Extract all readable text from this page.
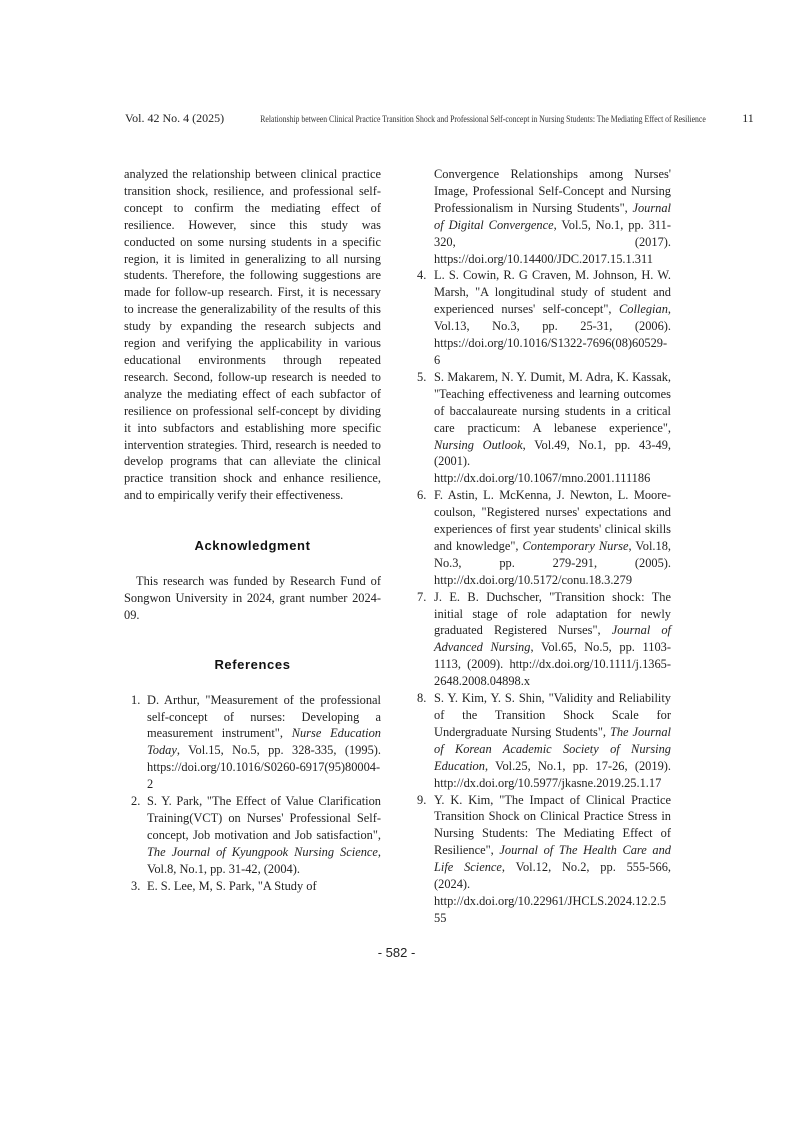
Vol. 42 No. 4 (2025)	Relationship between Clinical Practice Transition Shock and Professional Self-concept in Nursing Students: The Mediating Effect of Resilience	11

analyzed the relationship between clinical practice transition shock, resilience, and professional self-concept to confirm the mediating effect of resilience. However, since this study was conducted on some nursing students in a specific region, it is limited in generalizing to all nursing students. Therefore, the following suggestions are made for follow-up research. First, it is necessary to increase the generalizability of the results of this study by expanding the research subjects and region and verifying the applicability in various educational environments through repeated research. Second, follow-up research is needed to analyze the mediating effect of each subfactor of resilience on professional self-concept by dividing it into subfactors and establishing more specific intervention strategies. Third, research is needed to develop programs that can alleviate the clinical practice transition shock and enhance resilience, and to empirically verify their effectiveness.

Acknowledgment

This research was funded by Research Fund of Songwon University in 2024, grant number 2024-09.

References
1. D. Arthur, "Measurement of the professional self-concept of nurses: Developing a measurement instrument", Nurse Education Today, Vol.15, No.5, pp. 328-335, (1995). https://doi.org/10.1016/S0260-6917(95)80004-2
2. S. Y. Park, "The Effect of Value Clarification Training(VCT) on Nurses' Professional Self-concept, Job motivation and Job satisfaction", The Journal of Kyungpook Nursing Science, Vol.8, No.1, pp. 31-42, (2004).
3. E. S. Lee, M, S. Park, "A Study of
Convergence Relationships among Nurses' Image, Professional Self-Concept and Nursing Professionalism in Nursing Students", Journal of Digital Convergence, Vol.5, No.1, pp. 311-320, (2017). https://doi.org/10.14400/JDC.2017.15.1.311
4. L. S. Cowin, R. G Craven, M. Johnson, H. W. Marsh, "A longitudinal study of student and experienced nurses' self-concept", Collegian, Vol.13, No.3, pp. 25-31, (2006). https://doi.org/10.1016/S1322-7696(08)60529-6
5. S. Makarem, N. Y. Dumit, M. Adra, K. Kassak, "Teaching effectiveness and learning outcomes of baccalaureate nursing students in a critical care practicum: A lebanese experience", Nursing Outlook, Vol.49, No.1, pp. 43-49, (2001). http://dx.doi.org/10.1067/mno.2001.111186
6. F. Astin, L. McKenna, J. Newton, L. Moore-coulson, "Registered nurses' expectations and experiences of first year students' clinical skills and knowledge", Contemporary Nurse, Vol.18, No.3, pp. 279-291, (2005). http://dx.doi.org/10.5172/conu.18.3.279
7. J. E. B. Duchscher, "Transition shock: The initial stage of role adaptation for newly graduated Registered Nurses", Journal of Advanced Nursing, Vol.65, No.5, pp. 1103-1113, (2009). http://dx.doi.org/10.1111/j.1365-2648.2008.04898.x
8. S. Y. Kim, Y. S. Shin, "Validity and Reliability of the Transition Shock Scale for Undergraduate Nursing Students", The Journal of Korean Academic Society of Nursing Education, Vol.25, No.1, pp. 17-26, (2019). http://dx.doi.org/10.5977/jkasne.2019.25.1.17
9. Y. K. Kim, "The Impact of Clinical Practice Transition Shock on Clinical Practice Stress in Nursing Students: The Mediating Effect of Resilience", Journal of The Health Care and Life Science, Vol.12, No.2, pp. 555-566, (2024). http://dx.doi.org/10.22961/JHCLS.2024.12.2.555
- 582 -
